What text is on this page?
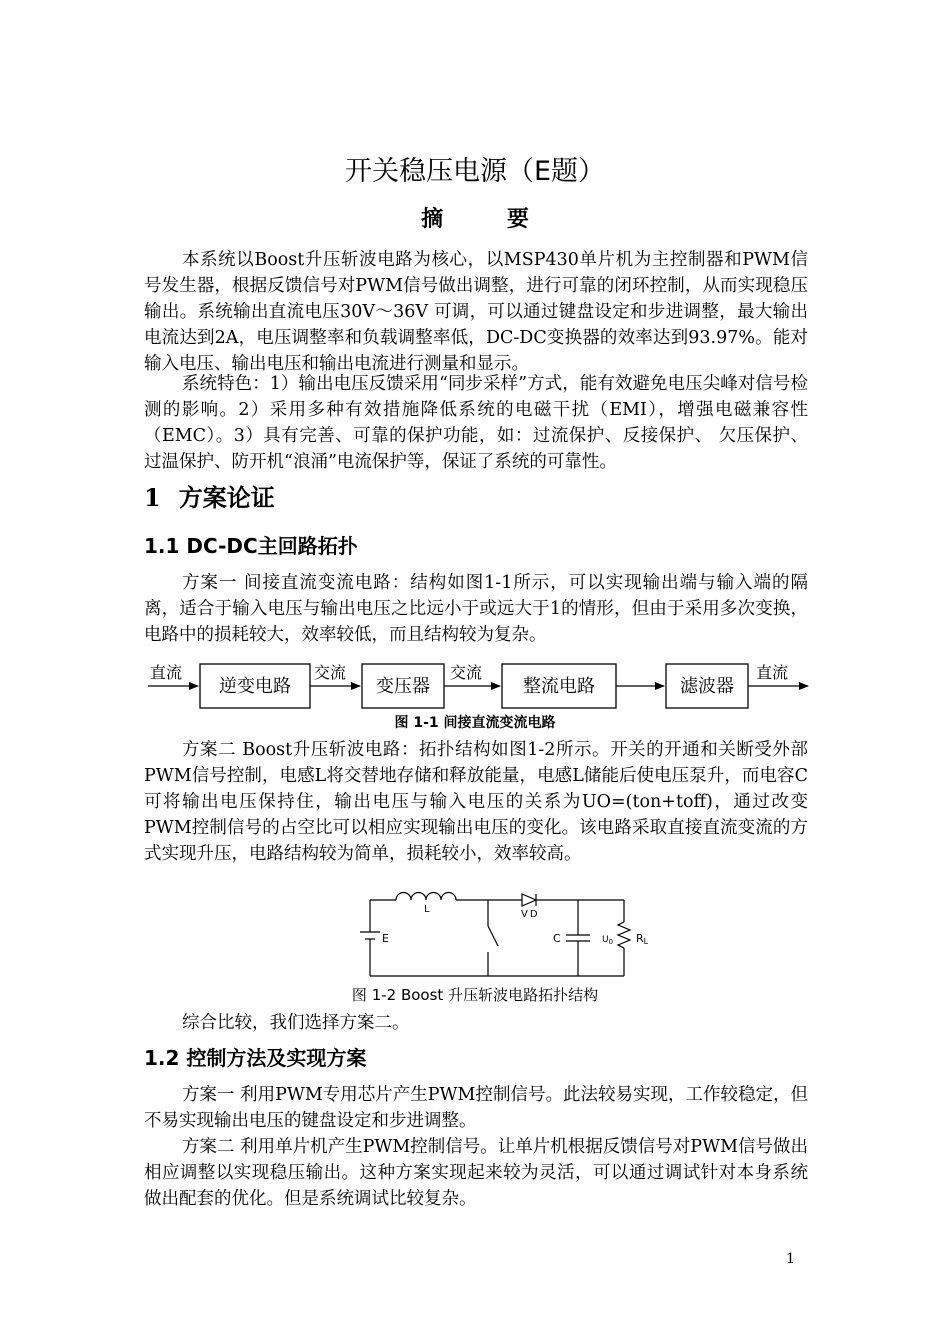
开关稳压电源（E题）
摘 要

本系统以Boost升压斩波电路为核心，以MSP430单片机为主控制器和PWM信号发生器，根据反馈信号对PWM信号做出调整，进行可靠的闭环控制，从而实现稳压输出。系统输出直流电压30V～36V 可调，可以通过键盘设定和步进调整，最大输出电流达到2A，电压调整率和负载调整率低，DC-DC变换器的效率达到93.97%。能对输入电压、输出电压和输出电流进行测量和显示。

系统特色：1）输出电压反馈采用“同步采样”方式，能有效避免电压尖峰对信号检测的影响。2）采用多种有效措施降低系统的电磁干扰（EMI），增强电磁兼容性（EMC）。3）具有完善、可靠的保护功能，如：过流保护、反接保护、 欠压保护、过温保护、防开机“浪涌”电流保护等，保证了系统的可靠性。

1 方案论证
1.1 DC-DC主回路拓扑

方案一 间接直流变流电路：结构如图1-1所示，可以实现输出端与输入端的隔离，适合于输入电压与输出电压之比远小于或远大于1的情形，但由于采用多次变换，电路中的损耗较大，效率较低，而且结构较为复杂。

直流
逆变电路
交流
变压器
交流
整流电路	滤波器
直流
图 1-1 间接直流变流电路

方案二 Boost升压斩波电路：拓扑结构如图1-2所示。开关的开通和关断受外部PWM信号控制，电感L将交替地存储和释放能量，电感L储能后使电压泵升，而电容C可将输出电压保持住，输出电压与输入电压的关系为UO=(ton+toff)，通过改变PWM控制信号的占空比可以相应实现输出电压的变化。该电路采取直接直流变流的方式实现升压，电路结构较为简单，损耗较小，效率较高。

L	VD
E	C	$U_0$ RL
图 1-2 Boost 升压斩波电路拓扑结构

综合比较，我们选择方案二。

1.2 控制方法及实现方案

方案一 利用PWM专用芯片产生PWM控制信号。此法较易实现，工作较稳定，但不易实现输出电压的键盘设定和步进调整。

方案二 利用单片机产生PWM控制信号。让单片机根据反馈信号对PWM信号做出相应调整以实现稳压输出。这种方案实现起来较为灵活，可以通过调试针对本身系统做出配套的优化。但是系统调试比较复杂。

1
